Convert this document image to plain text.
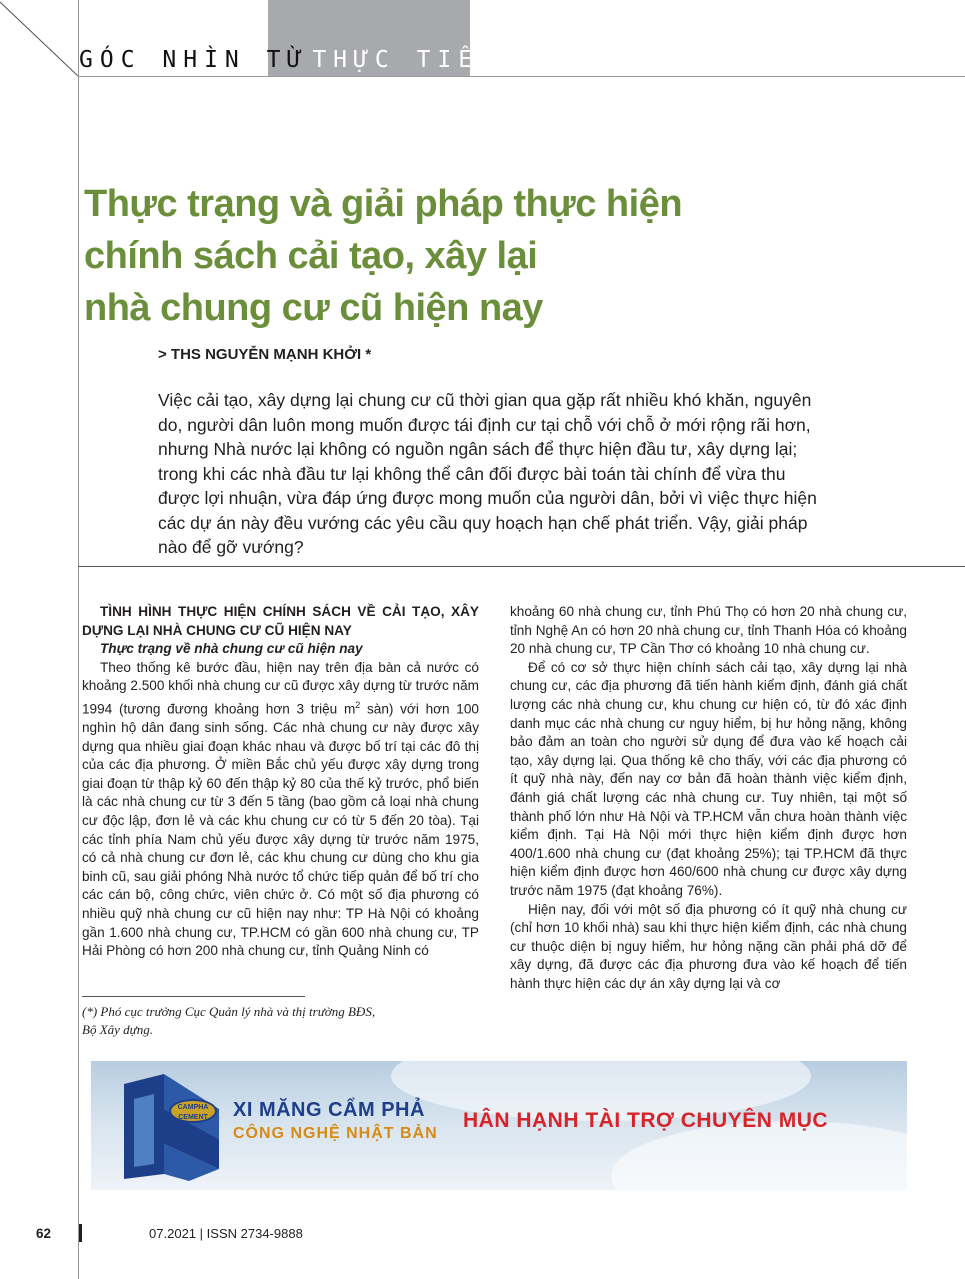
GÓC NHÌN TỪ THỰC TIỄN
Thực trạng và giải pháp thực hiện
chính sách cải tạo, xây lại
nhà chung cư cũ hiện nay
> THS NGUYỄN MẠNH KHỞI *
Việc cải tạo, xây dựng lại chung cư cũ thời gian qua gặp rất nhiều khó khăn, nguyên do, người dân luôn mong muốn được tái định cư tại chỗ với chỗ ở mới rộng rãi hơn, nhưng Nhà nước lại không có nguồn ngân sách để thực hiện đầu tư, xây dựng lại; trong khi các nhà đầu tư lại không thể cân đối được bài toán tài chính để vừa thu được lợi nhuận, vừa đáp ứng được mong muốn của người dân, bởi vì việc thực hiện các dự án này đều vướng các yêu cầu quy hoạch hạn chế phát triển. Vậy, giải pháp nào để gỡ vướng?

TÌNH HÌNH THỰC HIỆN CHÍNH SÁCH VỀ CẢI TẠO, XÂY DỰNG LẠI NHÀ CHUNG CƯ CŨ HIỆN NAY

Thực trạng về nhà chung cư cũ hiện nay

Theo thống kê bước đầu, hiện nay trên địa bàn cả nước có khoảng 2.500 khối nhà chung cư cũ được xây dựng từ trước năm 1994 (tương đương khoảng hơn 3 triệu $m^2$ sàn) với hơn 100 nghìn hộ dân đang sinh sống. Các nhà chung cư này được xây dựng qua nhiều giai đoạn khác nhau và được bố trí tại các đô thị của các địa phương. Ở miền Bắc chủ yếu được xây dựng trong giai đoạn từ thập kỷ 60 đến thập kỷ 80 của thế kỷ trước, phổ biến là các nhà chung cư từ 3 đến 5 tầng (bao gồm cả loại nhà chung cư độc lập, đơn lẻ và các khu chung cư có từ 5 đến 20 tòa). Tại các tỉnh phía Nam chủ yếu được xây dựng từ trước năm 1975, có cả nhà chung cư đơn lẻ, các khu chung cư dùng cho khu gia binh cũ, sau giải phóng Nhà nước tổ chức tiếp quản để bố trí cho các cán bộ, công chức, viên chức ở. Có một số địa phương có nhiều quỹ nhà chung cư cũ hiện nay như: TP Hà Nội có khoảng gần 1.600 nhà chung cư, TP.HCM có gần 600 nhà chung cư, TP Hải Phòng có hơn 200 nhà chung cư, tỉnh Quảng Ninh có

(*) Phó cục trưởng Cục Quản lý nhà và thị trường BĐS,
Bộ Xây dựng.

khoảng 60 nhà chung cư, tỉnh Phú Thọ có hơn 20 nhà chung cư, tỉnh Nghệ An có hơn 20 nhà chung cư, tỉnh Thanh Hóa có khoảng 20 nhà chung cư, TP Cần Thơ có khoảng 10 nhà chung cư.

Để có cơ sở thực hiện chính sách cải tạo, xây dựng lại nhà chung cư, các địa phương đã tiến hành kiểm định, đánh giá chất lượng các nhà chung cư, khu chung cư hiện có, từ đó xác định danh mục các nhà chung cư nguy hiểm, bị hư hỏng nặng, không bảo đảm an toàn cho người sử dụng để đưa vào kế hoạch cải tạo, xây dựng lại. Qua thống kê cho thấy, với các địa phương có ít quỹ nhà này, đến nay cơ bản đã hoàn thành việc kiểm định, đánh giá chất lượng các nhà chung cư. Tuy nhiên, tại một số thành phố lớn như Hà Nội và TP.HCM vẫn chưa hoàn thành việc kiểm định. Tại Hà Nội mới thực hiện kiểm định được hơn 400/1.600 nhà chung cư (đạt khoảng 25%); tại TP.HCM đã thực hiện kiểm định được hơn 460/600 nhà chung cư được xây dựng trước năm 1975 (đạt khoảng 76%).

Hiện nay, đối với một số địa phương có ít quỹ nhà chung cư (chỉ hơn 10 khối nhà) sau khi thực hiện kiểm định, các nhà chung cư thuộc diện bị nguy hiểm, hư hỏng nặng cần phải phá dỡ để xây dựng, đã được các địa phương đưa vào kế hoạch để tiến hành thực hiện các dự án xây dựng lại và cơ

CAMPHA CEMENT	XI MĂNG CẨM PHẢ
CÔNG NGHỆ NHẬT BẢN
HÂN HẠNH TÀI TRỢ CHUYÊN MỤC
62	07.2021 | ISSN 2734-9888
